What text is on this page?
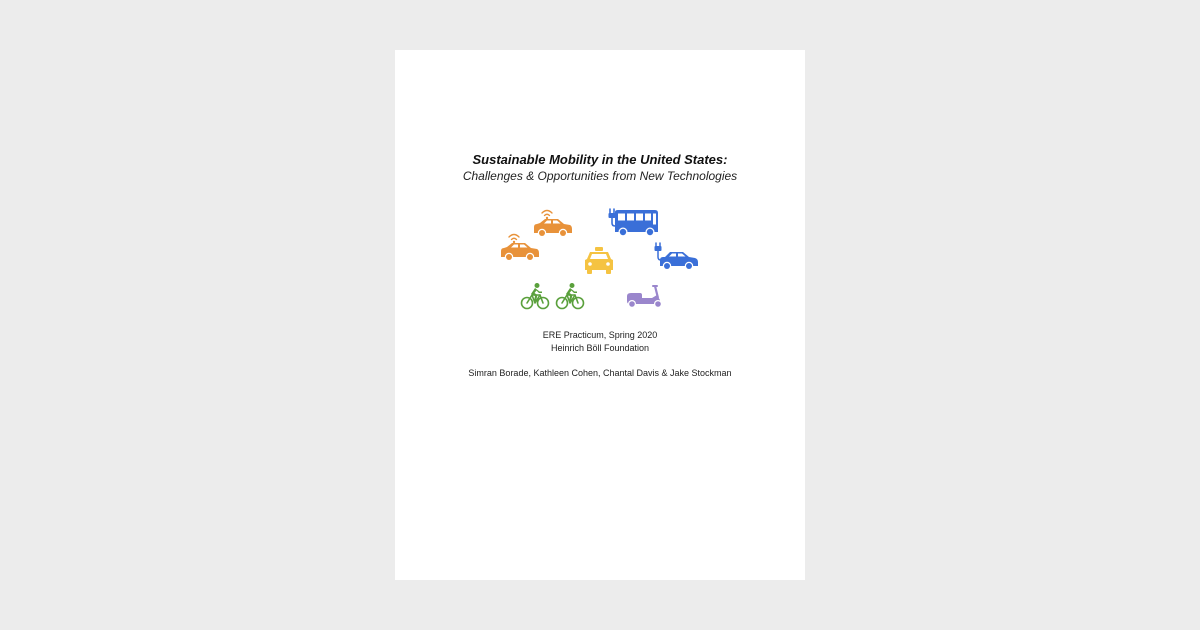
Sustainable Mobility in the United States:
Challenges & Opportunities from New Technologies
ERE Practicum, Spring 2020
Heinrich Böll Foundation
Simran Borade, Kathleen Cohen, Chantal Davis & Jake Stockman
